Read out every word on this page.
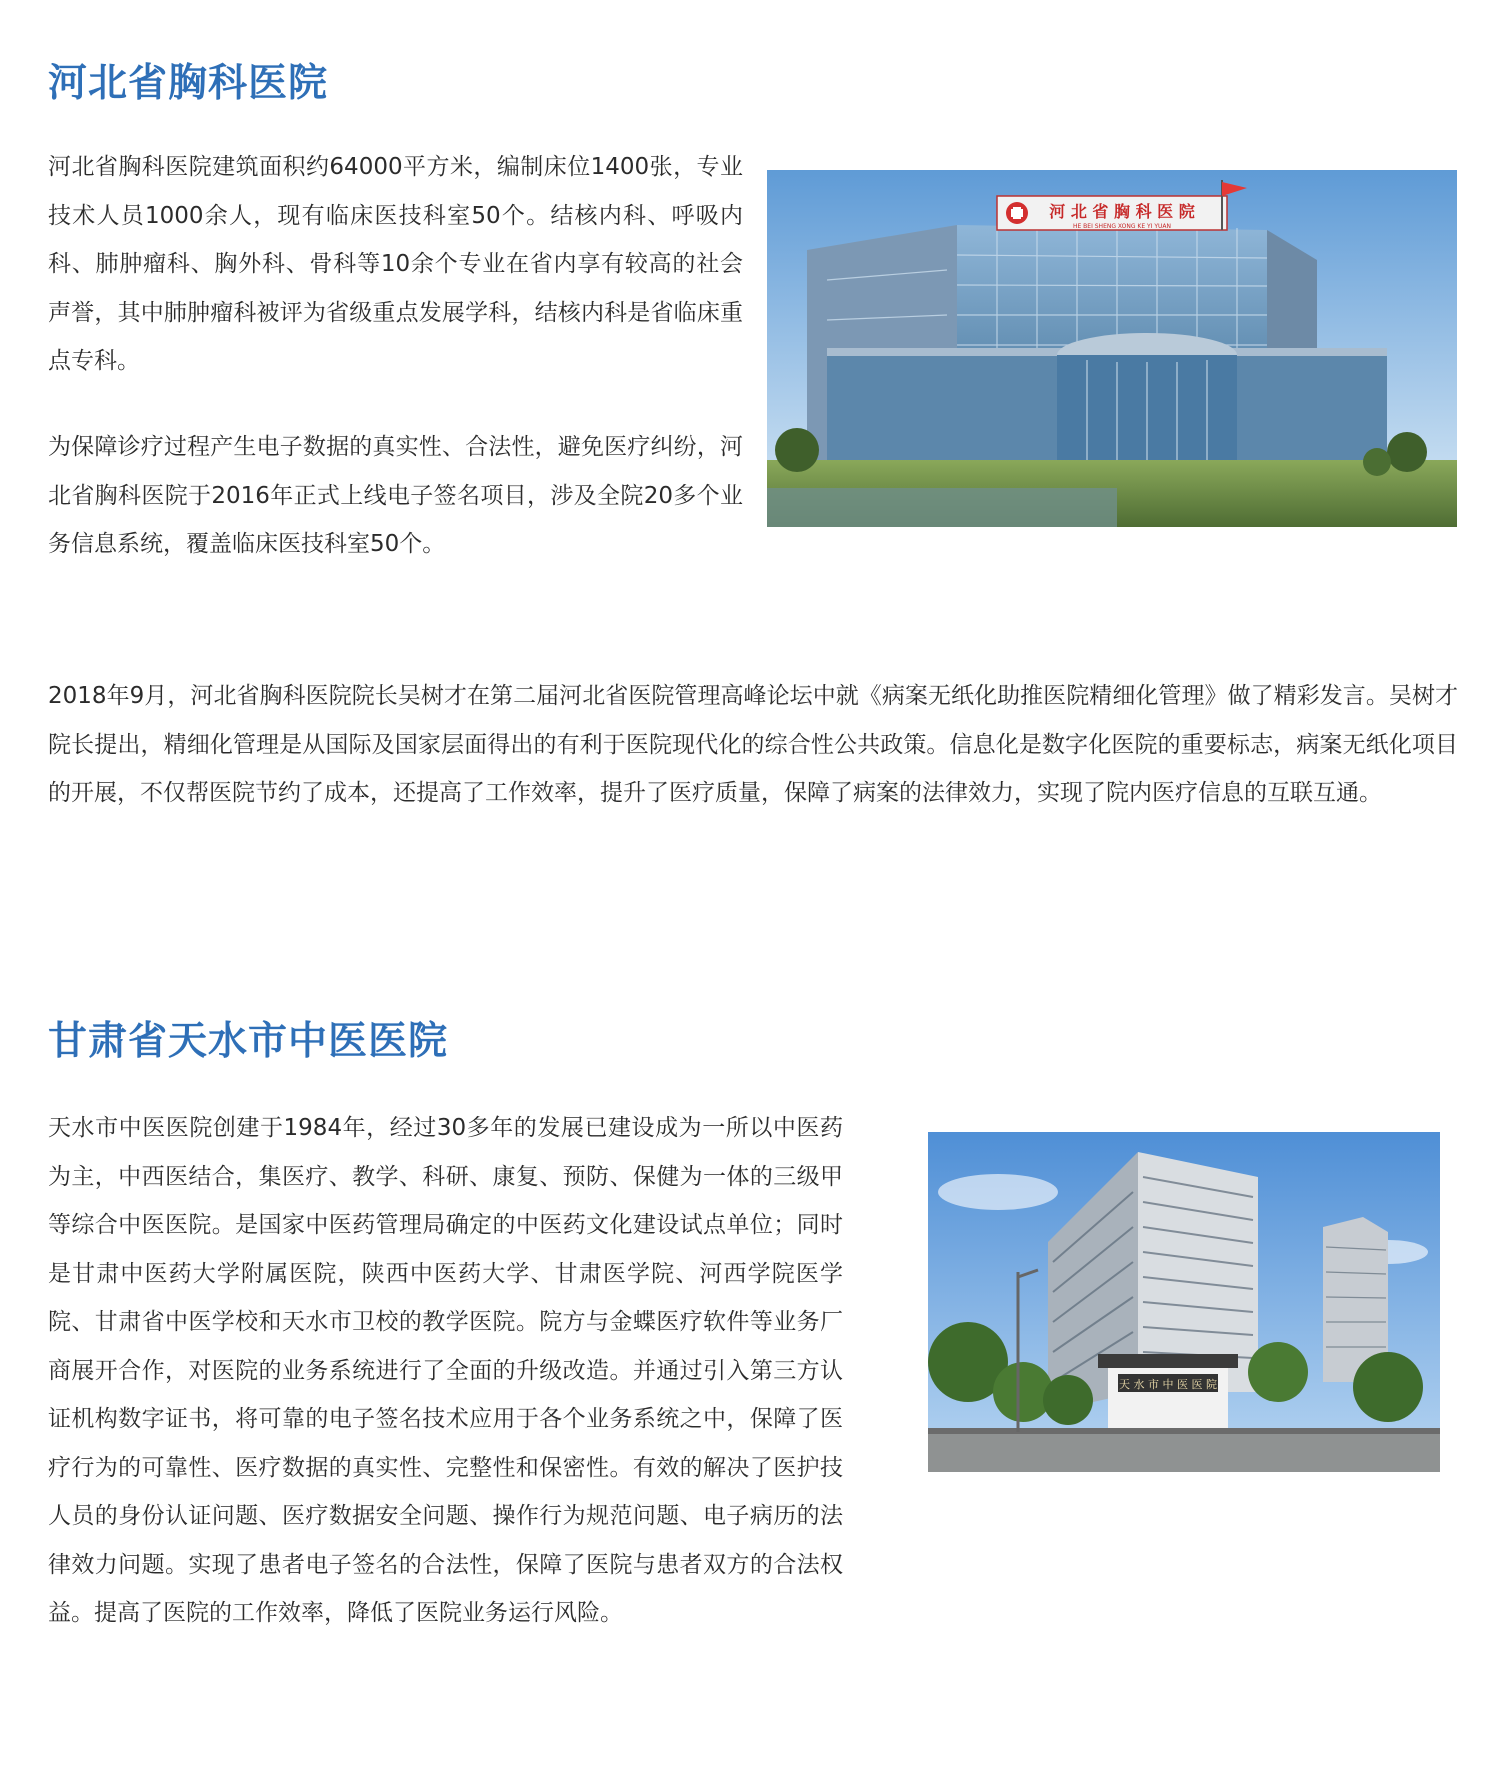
河北省胸科医院

河北省胸科医院建筑面积约64000平方米，编制床位1400张，专业技术人员1000余人，现有临床医技科室50个。结核内科、呼吸内科、肺肿瘤科、胸外科、骨科等10余个专业在省内享有较高的社会声誉，其中肺肿瘤科被评为省级重点发展学科，结核内科是省临床重点专科。

为保障诊疗过程产生电子数据的真实性、合法性，避免医疗纠纷，河北省胸科医院于2016年正式上线电子签名项目，涉及全院20多个业务信息系统，覆盖临床医技科室50个。

2018年9月，河北省胸科医院院长吴树才在第二届河北省医院管理高峰论坛中就《病案无纸化助推医院精细化管理》做了精彩发言。吴树才院长提出，精细化管理是从国际及国家层面得出的有利于医院现代化的综合性公共政策。信息化是数字化医院的重要标志，病案无纸化项目的开展，不仅帮医院节约了成本，还提高了工作效率，提升了医疗质量，保障了病案的法律效力，实现了院内医疗信息的互联互通。

河 北 省 胸 科 医 院
HE BEI SHENG XONG KE YI YUAN
甘肃省天水市中医医院

天水市中医医院创建于1984年，经过30多年的发展已建设成为一所以中医药为主，中西医结合，集医疗、教学、科研、康复、预防、保健为一体的三级甲等综合中医医院。是国家中医药管理局确定的中医药文化建设试点单位；同时是甘肃中医药大学附属医院，陕西中医药大学、甘肃医学院、河西学院医学院、甘肃省中医学校和天水市卫校的教学医院。院方与金蝶医疗软件等业务厂商展开合作，对医院的业务系统进行了全面的升级改造。并通过引入第三方认证机构数字证书，将可靠的电子签名技术应用于各个业务系统之中，保障了医疗行为的可靠性、医疗数据的真实性、完整性和保密性。有效的解决了医护技人员的身份认证问题、医疗数据安全问题、操作行为规范问题、电子病历的法律效力问题。实现了患者电子签名的合法性，保障了医院与患者双方的合法权益。提高了医院的工作效率，降低了医院业务运行风险。

天 水 市 中 医 医 院
